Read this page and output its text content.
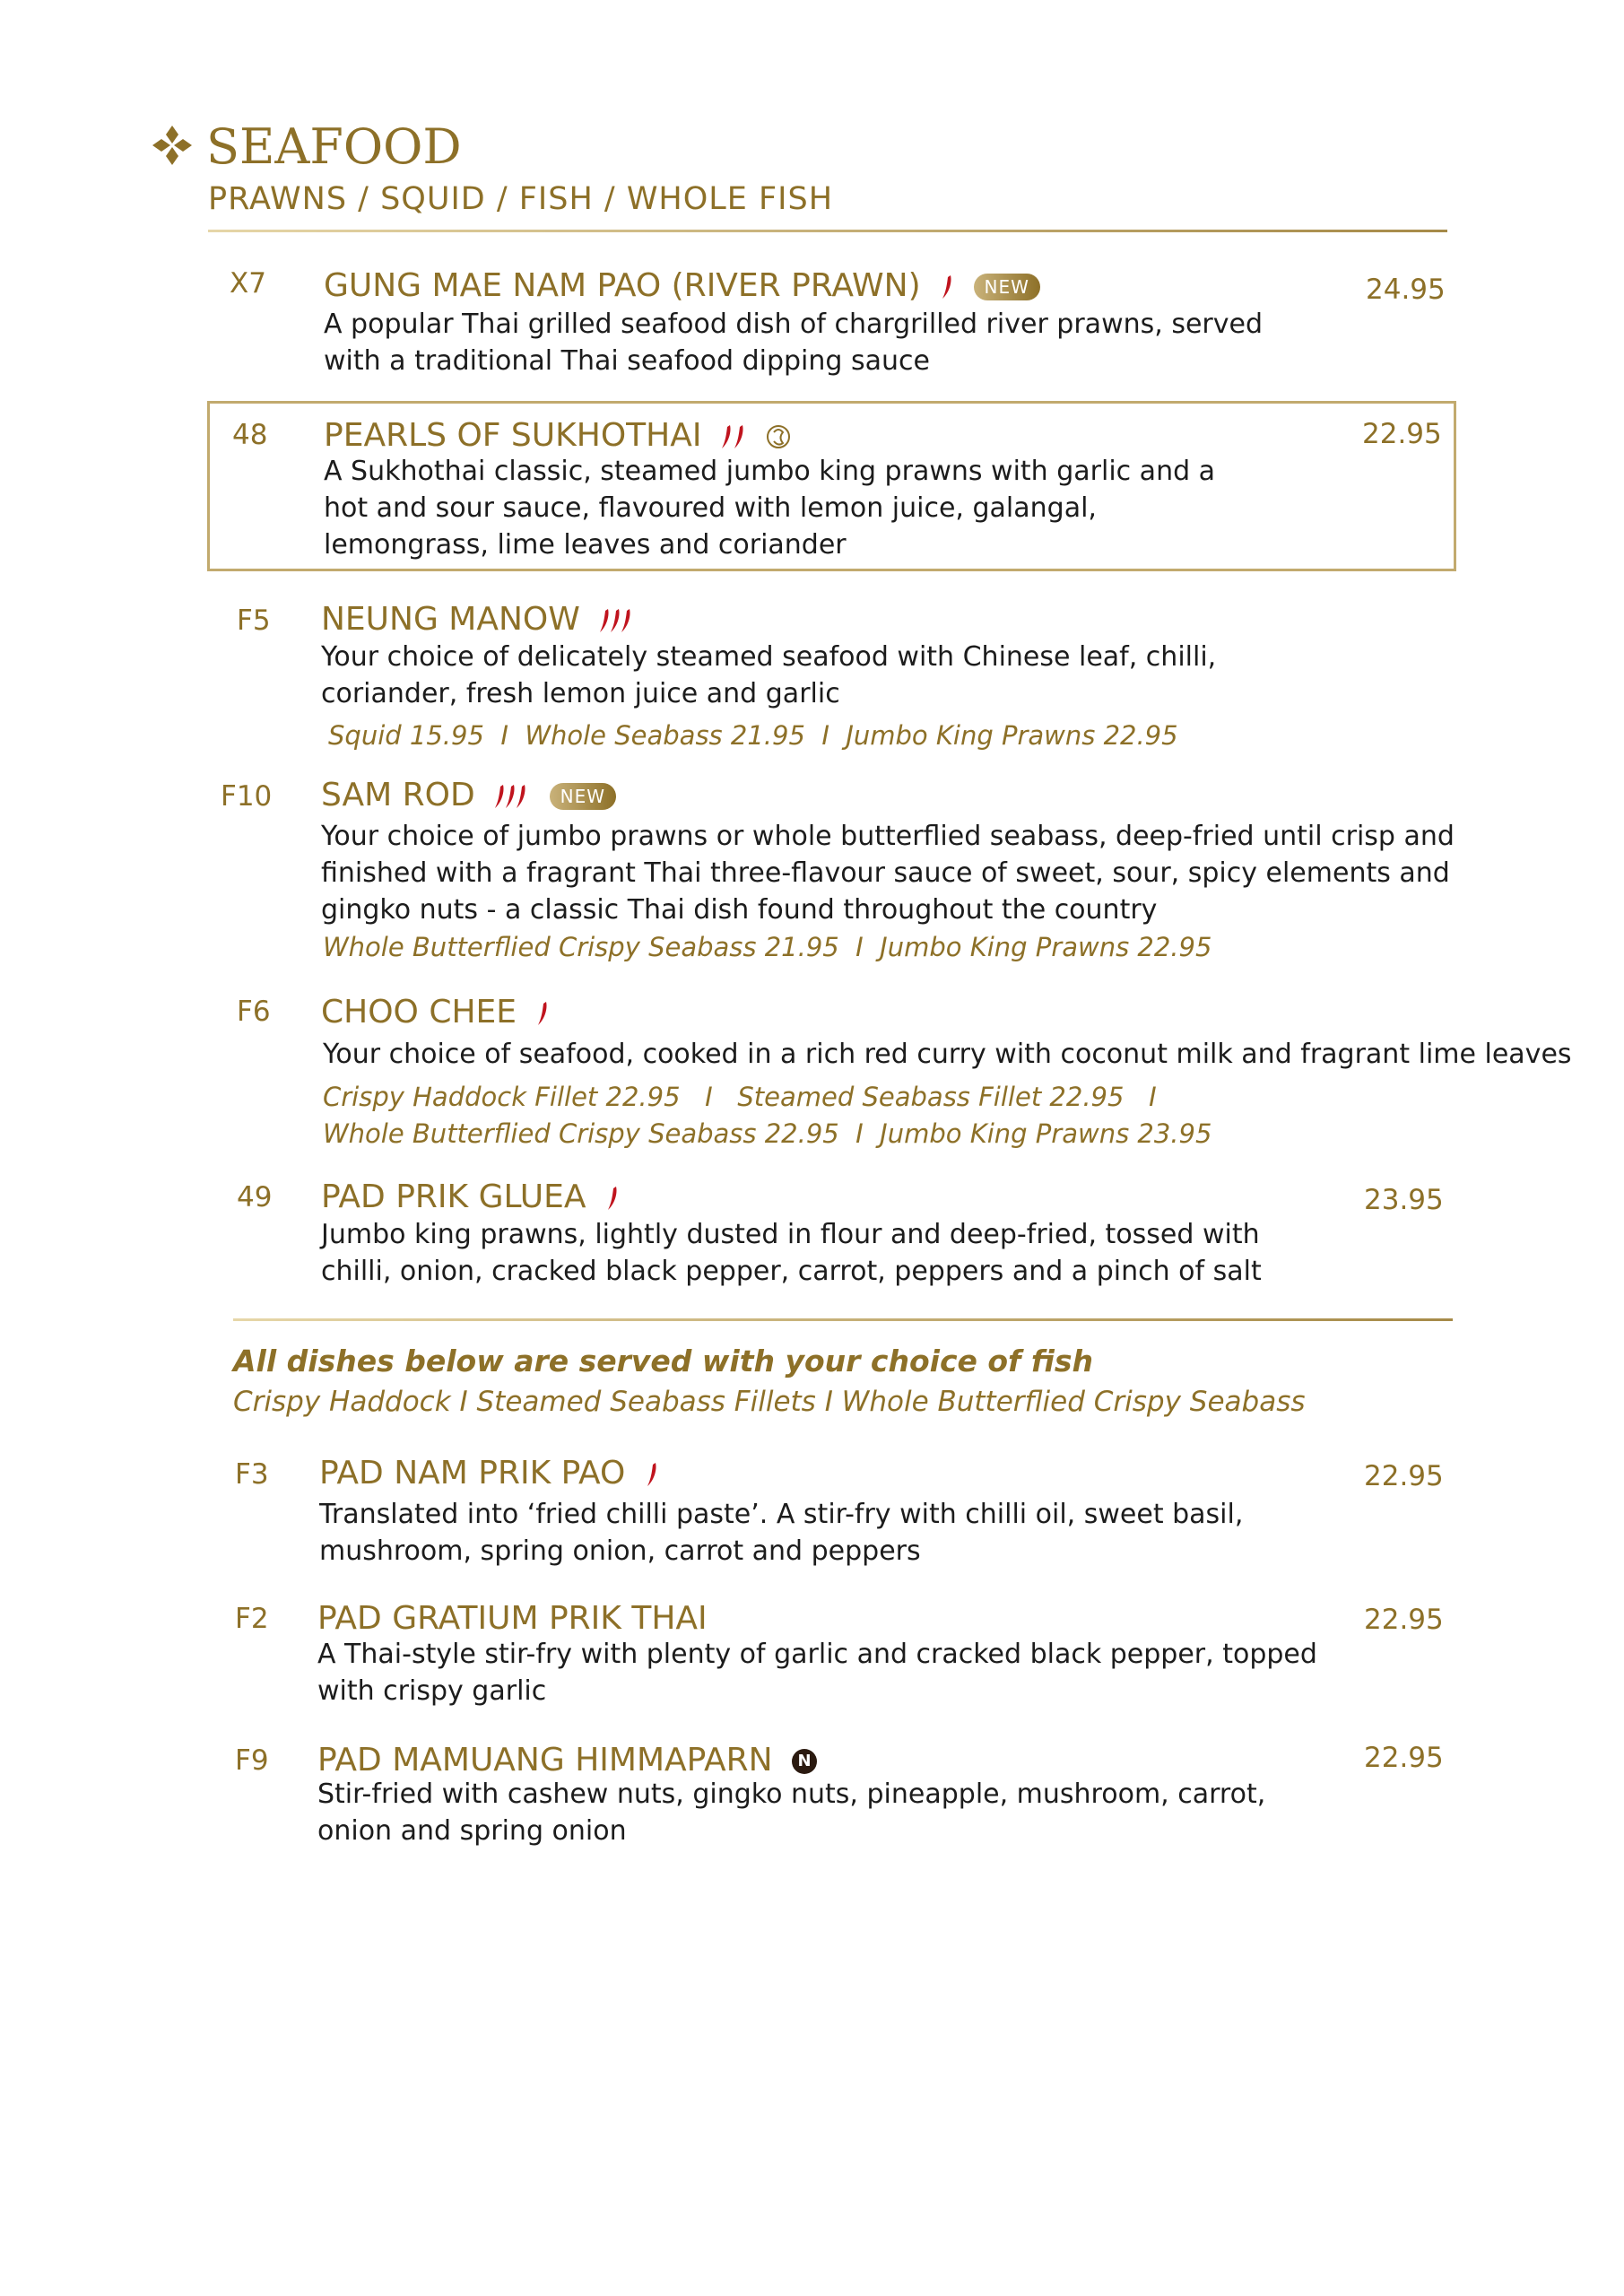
SEAFOOD
PRAWNS / SQUID / FISH / WHOLE FISH
X7 GUNG MAE NAM PAO (RIVER PRAWN)	NEW	24.95
A popular Thai grilled seafood dish of chargrilled river prawns, served with a traditional Thai seafood dipping sauce
48 PEARLS OF SUKHOTHAI	22.95
A Sukhothai classic, steamed jumbo king prawns with garlic and a hot and sour sauce, flavoured with lemon juice, galangal, lemongrass, lime leaves and coriander
F5 NEUNG MANOW
Your choice of delicately steamed seafood with Chinese leaf, chilli, coriander, fresh lemon juice and garlic
Squid 15.95  I  Whole Seabass 21.95  I  Jumbo King Prawns 22.95
F10 SAM ROD	NEW
Your choice of jumbo prawns or whole butterflied seabass, deep-fried until crisp and finished with a fragrant Thai three-flavour sauce of sweet, sour, spicy elements and gingko nuts - a classic Thai dish found throughout the country
Whole Butterflied Crispy Seabass 21.95  I  Jumbo King Prawns 22.95
F6 CHOO CHEE
Your choice of seafood, cooked in a rich red curry with coconut milk and fragrant lime leaves
Crispy Haddock Fillet 22.95   I   Steamed Seabass Fillet 22.95   I
Whole Butterflied Crispy Seabass 22.95  I  Jumbo King Prawns 23.95
49 PAD PRIK GLUEA	23.95
Jumbo king prawns, lightly dusted in flour and deep-fried, tossed with chilli, onion, cracked black pepper, carrot, peppers and a pinch of salt
All dishes below are served with your choice of fish
Crispy Haddock I Steamed Seabass Fillets I Whole Butterflied Crispy Seabass
F3 PAD NAM PRIK PAO	22.95
Translated into ‘fried chilli paste’. A stir-fry with chilli oil, sweet basil, mushroom, spring onion, carrot and peppers
F2 PAD GRATIUM PRIK THAI	22.95
A Thai-style stir-fry with plenty of garlic and cracked black pepper, topped with crispy garlic
F9 PAD MAMUANG HIMMAPARN N	22.95
Stir-fried with cashew nuts, gingko nuts, pineapple, mushroom, carrot, onion and spring onion
